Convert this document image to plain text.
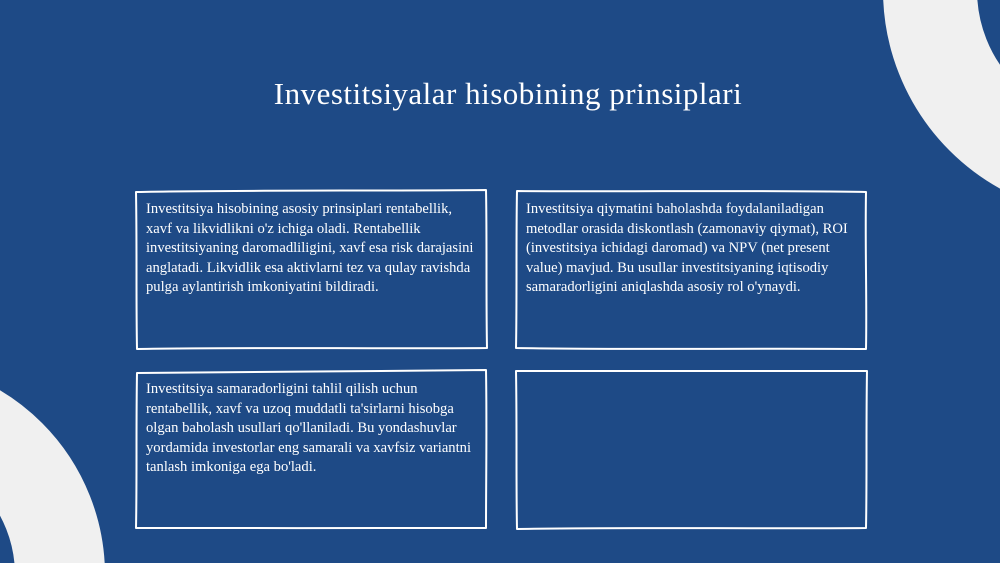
Investitsiyalar hisobining prinsiplari
Investitsiya hisobining asosiy prinsiplari rentabellik, xavf va likvidlikni o'z ichiga oladi. Rentabellik investitsiyaning daromadliligini, xavf esa risk darajasini anglatadi. Likvidlik esa aktivlarni tez va qulay ravishda pulga aylantirish imkoniyatini bildiradi.
Investitsiya qiymatini baholashda foydalaniladigan metodlar orasida diskontlash (zamonaviy qiymat), ROI (investitsiya ichidagi daromad) va NPV (net present value) mavjud. Bu usullar investitsiyaning iqtisodiy samaradorligini aniqlashda asosiy rol o'ynaydi.
Investitsiya samaradorligini tahlil qilish uchun rentabellik, xavf va uzoq muddatli ta'sirlarni hisobga olgan baholash usullari qo'llaniladi. Bu yondashuvlar yordamida investorlar eng samarali va xavfsiz variantni tanlash imkoniga ega bo'ladi.
